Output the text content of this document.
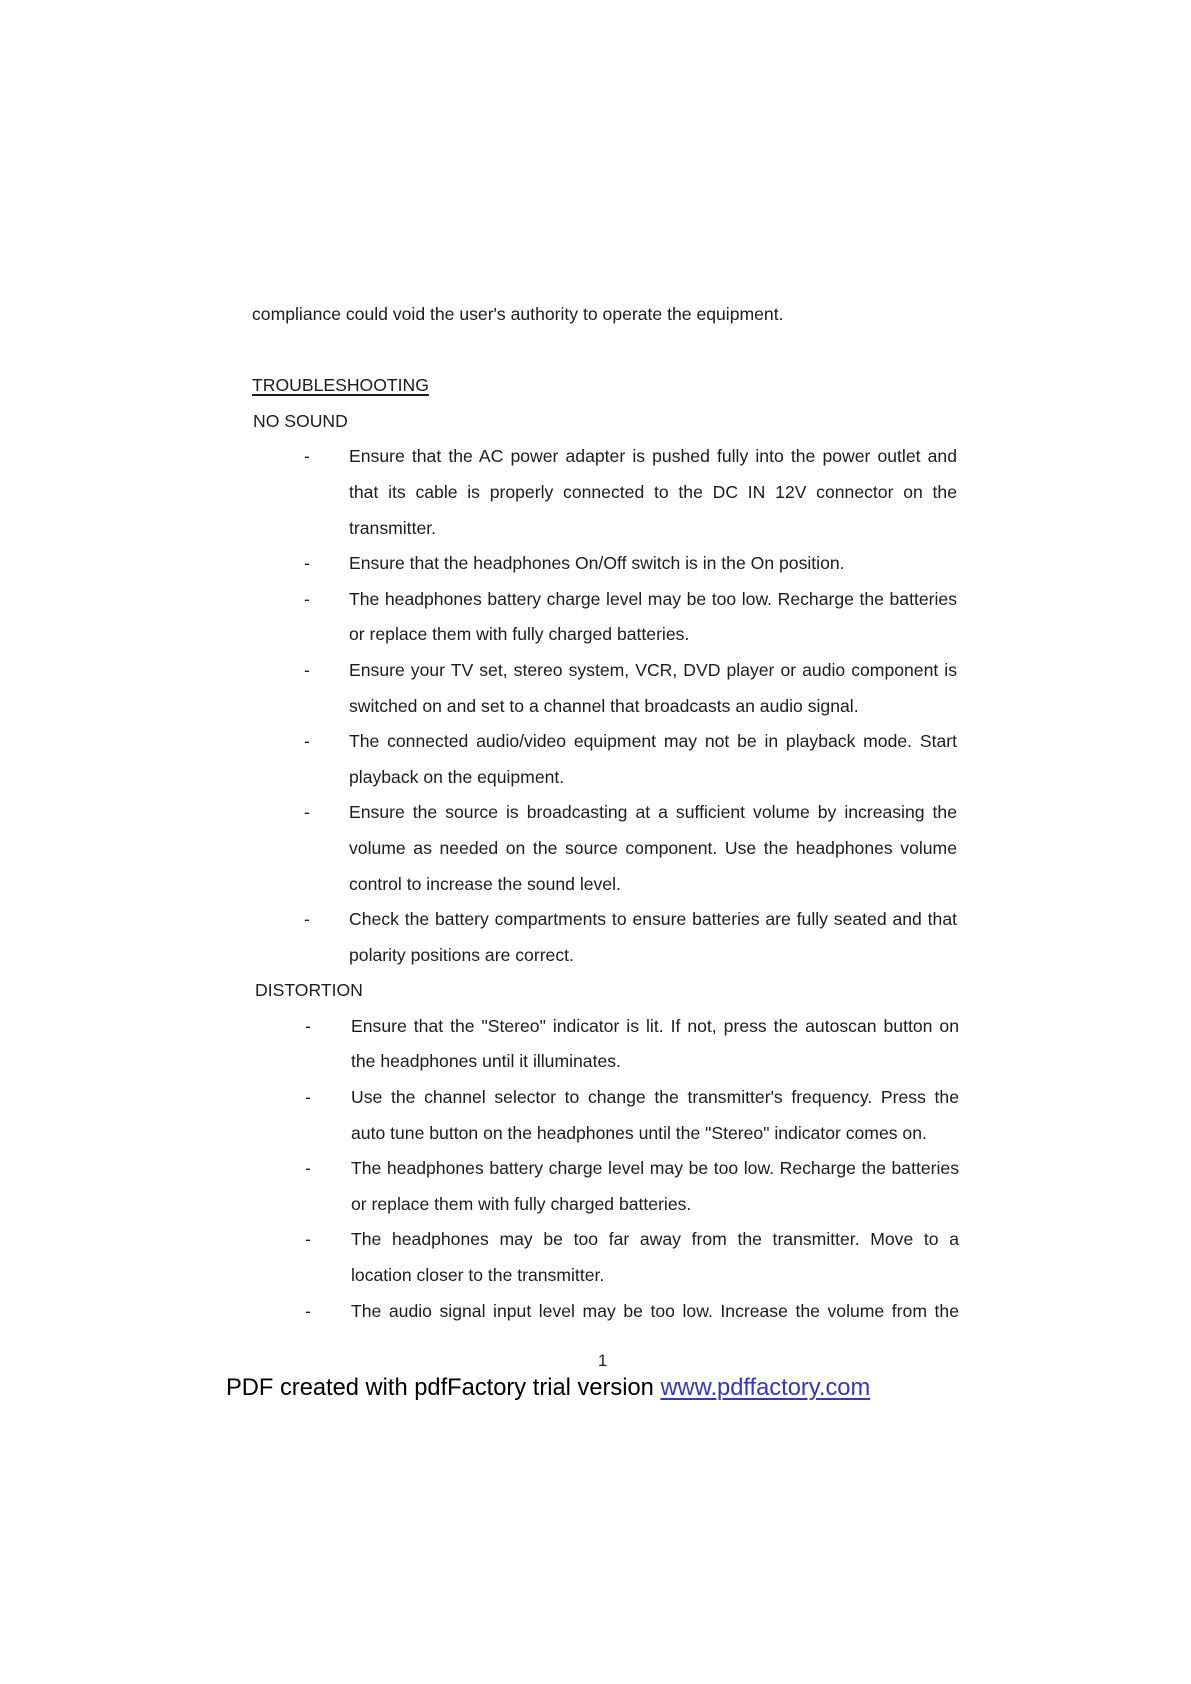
compliance could void the user's authority to operate the equipment.
TROUBLESHOOTING
NO SOUND
- Ensure that the AC power adapter is pushed fully into the power outlet and
that its cable is properly connected to the DC IN 12V connector on the
transmitter.
- Ensure that the headphones On/Off switch is in the On position.
- The headphones battery charge level may be too low. Recharge the batteries
or replace them with fully charged batteries.
- Ensure your TV set, stereo system, VCR, DVD player or audio component is
switched on and set to a channel that broadcasts an audio signal.
- The connected audio/video equipment may not be in playback mode. Start
playback on the equipment.
- Ensure the source is broadcasting at a sufficient volume by increasing the
volume as needed on the source component. Use the headphones volume
control to increase the sound level.
- Check the battery compartments to ensure batteries are fully seated and that
polarity positions are correct.
DISTORTION
- Ensure that the "Stereo" indicator is lit. If not, press the autoscan button on
the headphones until it illuminates.
- Use the channel selector to change the transmitter's frequency. Press the
auto tune button on the headphones until the "Stereo" indicator comes on.
- The headphones battery charge level may be too low. Recharge the batteries
or replace them with fully charged batteries.
- The headphones may be too far away from the transmitter. Move to a
location closer to the transmitter.
- The audio signal input level may be too low. Increase the volume from the
1
PDF created with pdfFactory trial version www.pdffactory.com
